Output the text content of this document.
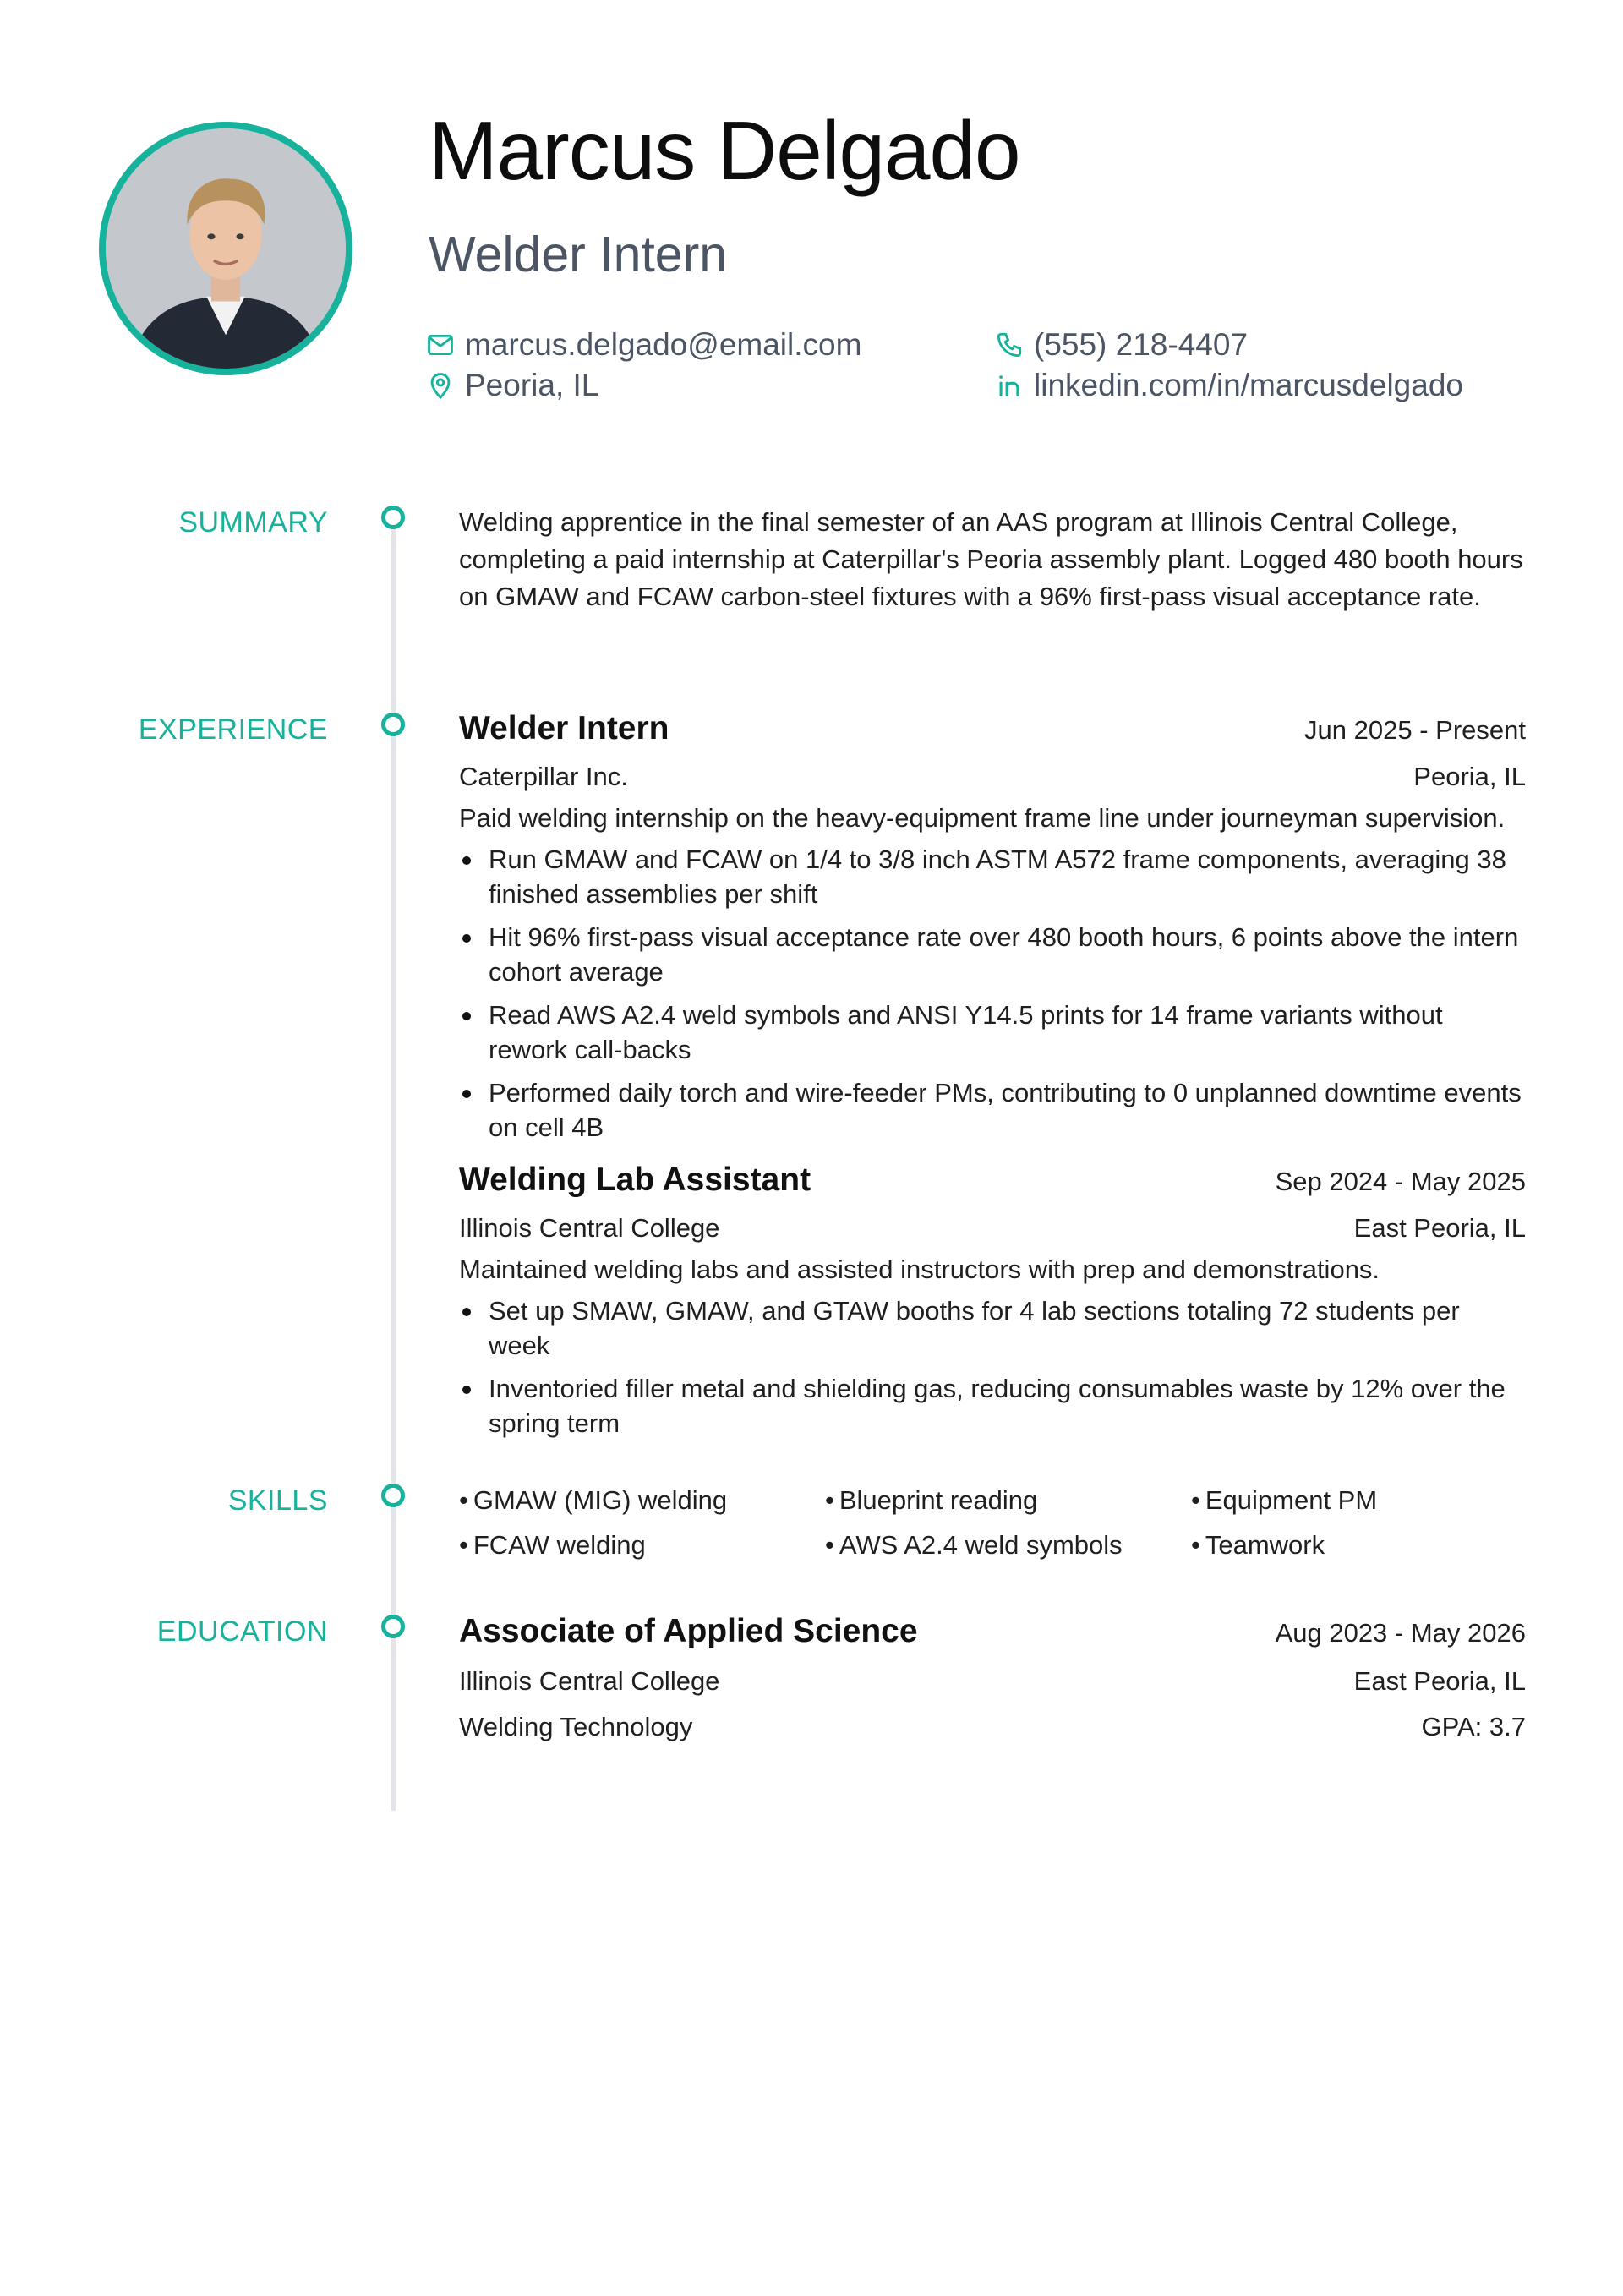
Marcus Delgado
Welder Intern
marcus.delgado@email.com	(555) 218-4407
Peoria, IL	linkedin.com/in/marcusdelgado
SUMMARY	Welding apprentice in the final semester of an AAS program at Illinois Central College, completing a paid internship at Caterpillar's Peoria assembly plant. Logged 480 booth hours on GMAW and FCAW carbon-steel fixtures with a 96% first-pass visual acceptance rate.

EXPERIENCE	Welder Intern	Jun 2025 - Present
Caterpillar Inc.	Peoria, IL

Paid welding internship on the heavy-equipment frame line under journeyman supervision.

Run GMAW and FCAW on 1/4 to 3/8 inch ASTM A572 frame components, averaging 38 finished assemblies per shift
Hit 96% first-pass visual acceptance rate over 480 booth hours, 6 points above the intern cohort average
Read AWS A2.4 weld symbols and ANSI Y14.5 prints for 14 frame variants without rework call-backs
Performed daily torch and wire-feeder PMs, contributing to 0 unplanned downtime events on cell 4B
Welding Lab Assistant	Sep 2024 - May 2025
Illinois Central College	East Peoria, IL

Maintained welding labs and assisted instructors with prep and demonstrations.

Set up SMAW, GMAW, and GTAW booths for 4 lab sections totaling 72 students per week
Inventoried filler metal and shielding gas, reducing consumables waste by 12% over the spring term
SKILLS	• GMAW (MIG) welding	• Blueprint reading	• Equipment PM
• FCAW welding	• AWS A2.4 weld symbols	• Teamwork
EDUCATION	Associate of Applied Science	Aug 2023 - May 2026
Illinois Central College	East Peoria, IL
Welding Technology	GPA: 3.7
